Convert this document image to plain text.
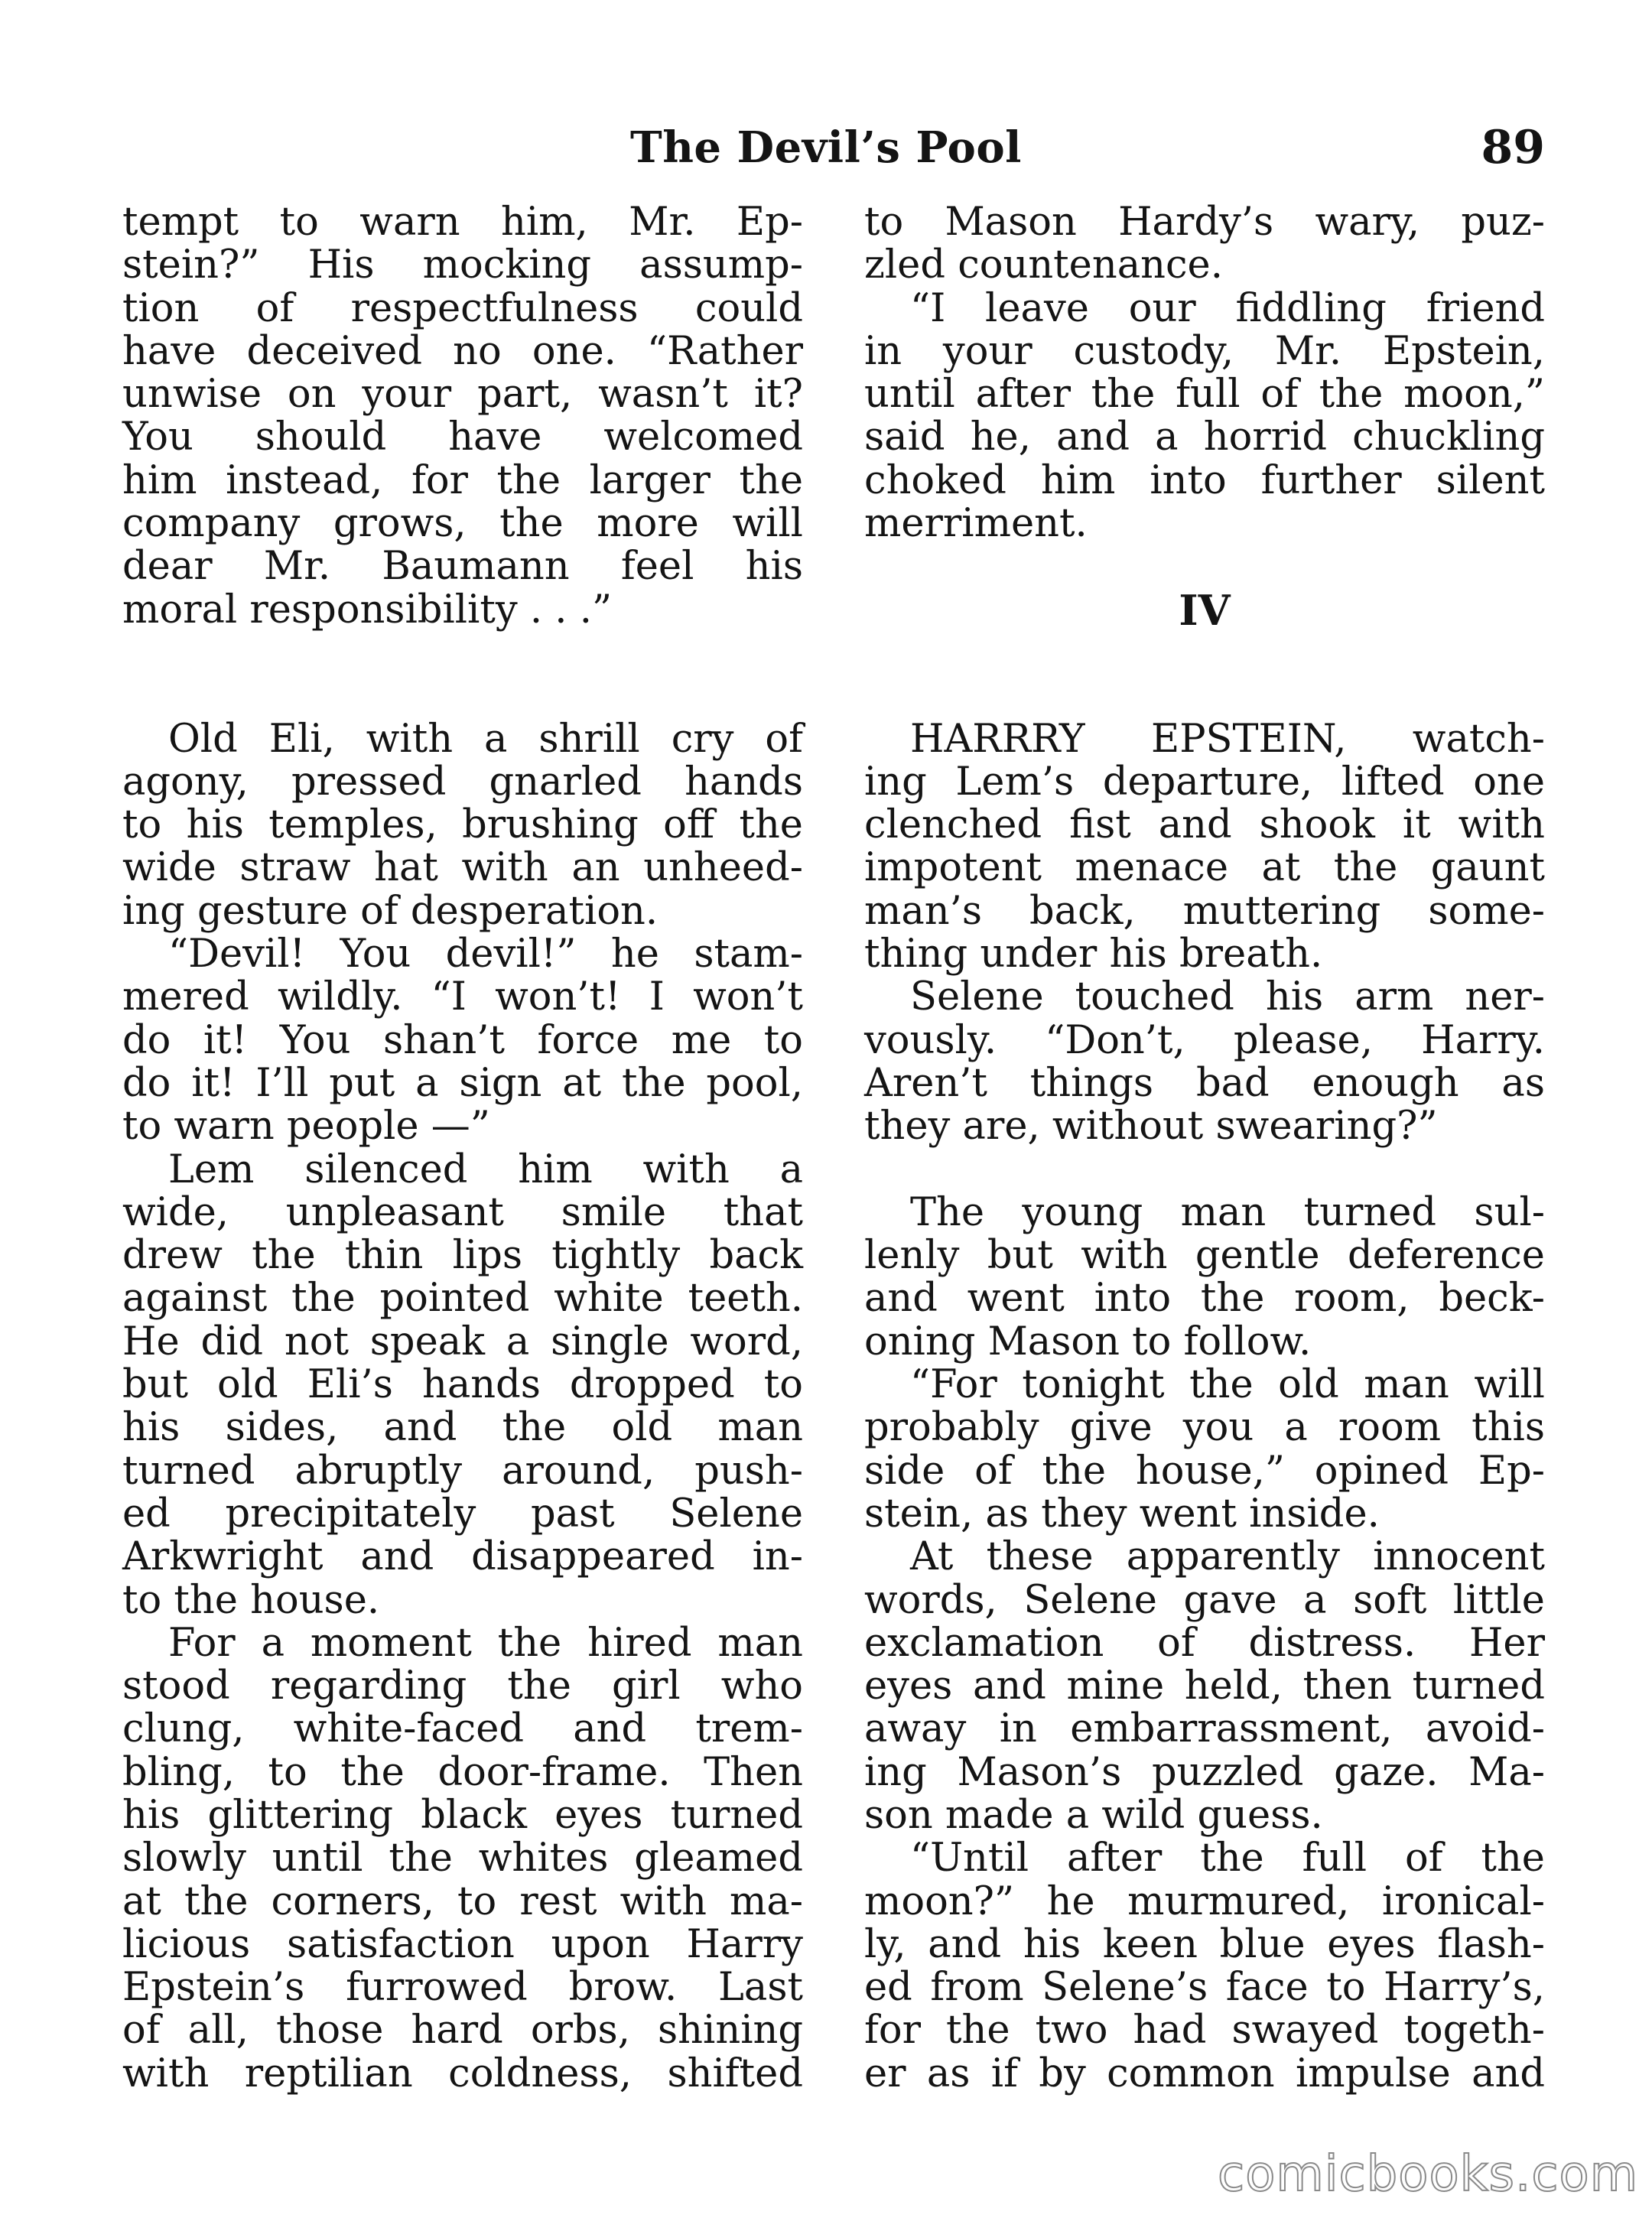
The Devil’s Pool	89
tempt to warn him, Mr. Ep-
stein?” His mocking assump-
tion of respectfulness could
have deceived no one. “Rather
unwise on your part, wasn’t it?
You should have welcomed
him instead, for the larger the
company grows, the more will
dear Mr. Baumann feel his
moral responsibility . . .”
Old Eli, with a shrill cry of
agony, pressed gnarled hands
to his temples, brushing off the
wide straw hat with an unheed-
ing gesture of desperation.
“Devil! You devil!” he stam-
mered wildly. “I won’t! I won’t
do it! You shan’t force me to
do it! I’ll put a sign at the pool,
to warn people —”
Lem silenced him with a
wide, unpleasant smile that
drew the thin lips tightly back
against the pointed white teeth.
He did not speak a single word,
but old Eli’s hands dropped to
his sides, and the old man
turned abruptly around, push-
ed precipitately past Selene
Arkwright and disappeared in-
to the house.
For a moment the hired man
stood regarding the girl who
clung, white-faced and trem-
bling, to the door-frame. Then
his glittering black eyes turned
slowly until the whites gleamed
at the corners, to rest with ma-
licious satisfaction upon Harry
Epstein’s furrowed brow. Last
of all, those hard orbs, shining
with reptilian coldness, shifted
to Mason Hardy’s wary, puz-
zled countenance.
“I leave our fiddling friend
in your custody, Mr. Epstein,
until after the full of the moon,”
said he, and a horrid chuckling
choked him into further silent
merriment.
IV
HARRRY EPSTEIN, watch-
ing Lem’s departure, lifted one
clenched fist and shook it with
impotent menace at the gaunt
man’s back, muttering some-
thing under his breath.
Selene touched his arm ner-
vously. “Don’t, please, Harry.
Aren’t things bad enough as
they are, without swearing?”
The young man turned sul-
lenly but with gentle deference
and went into the room, beck-
oning Mason to follow.
“For tonight the old man will
probably give you a room this
side of the house,” opined Ep-
stein, as they went inside.
At these apparently innocent
words, Selene gave a soft little
exclamation of distress. Her
eyes and mine held, then turned
away in embarrassment, avoid-
ing Mason’s puzzled gaze. Ma-
son made a wild guess.
“Until after the full of the
moon?” he murmured, ironical-
ly, and his keen blue eyes flash-
ed from Selene’s face to Harry’s,
for the two had swayed togeth-
er as if by common impulse and
comicbooks.com
